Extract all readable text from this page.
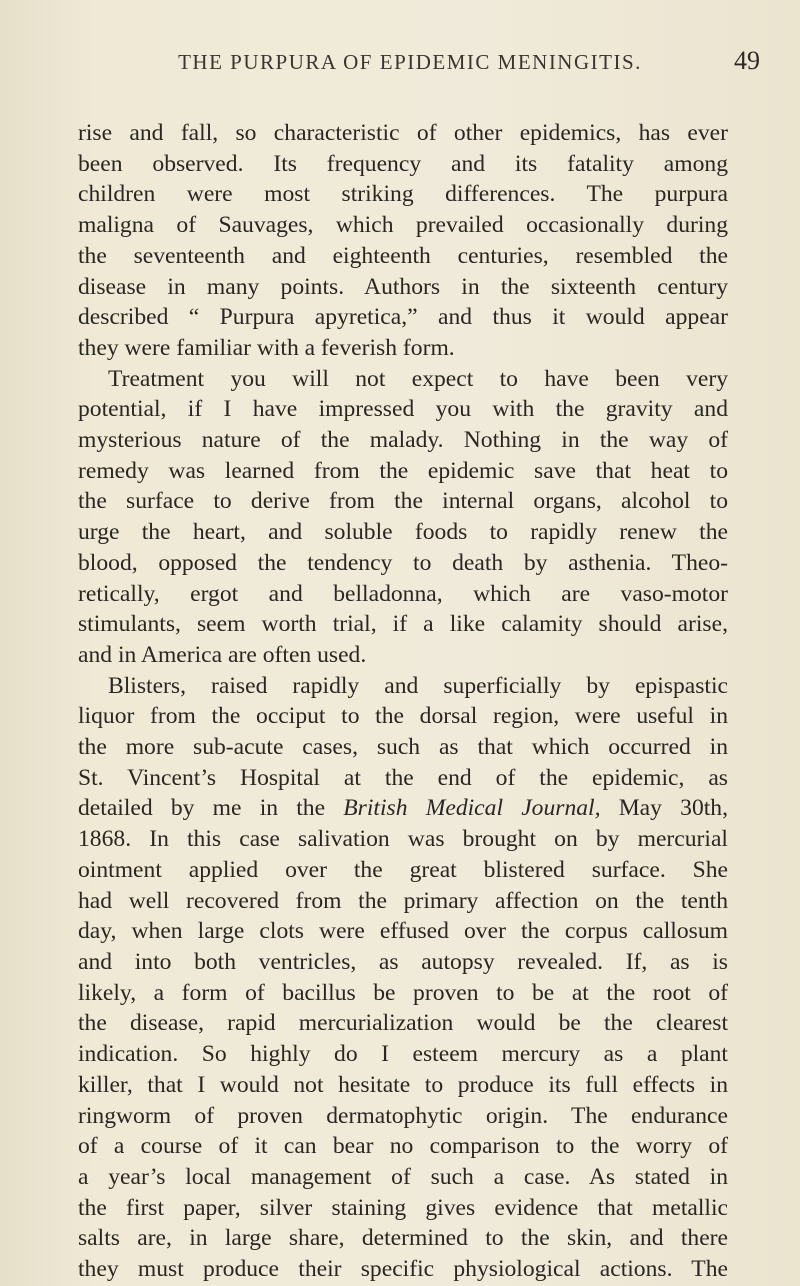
THE PURPURA OF EPIDEMIC MENINGITIS.	49

rise and fall, so characteristic of other epidemics, has ever
been observed. Its frequency and its fatality among
children were most striking differences. The purpura
maligna of Sauvages, which prevailed occasionally during
the seventeenth and eighteenth centuries, resembled the
disease in many points. Authors in the sixteenth century
described “ Purpura apyretica,” and thus it would appear
they were familiar with a feverish form.

Treatment you will not expect to have been very
potential, if I have impressed you with the gravity and
mysterious nature of the malady. Nothing in the way of
remedy was learned from the epidemic save that heat to
the surface to derive from the internal organs, alcohol to
urge the heart, and soluble foods to rapidly renew the
blood, opposed the tendency to death by asthenia. Theo-
retically, ergot and belladonna, which are vaso-motor
stimulants, seem worth trial, if a like calamity should arise,
and in America are often used.

Blisters, raised rapidly and superficially by epispastic
liquor from the occiput to the dorsal region, were useful in
the more sub-acute cases, such as that which occurred in
St. Vincent’s Hospital at the end of the epidemic, as
detailed by me in the British Medical Journal, May 30th,
1868. In this case salivation was brought on by mercurial
ointment applied over the great blistered surface. She
had well recovered from the primary affection on the tenth
day, when large clots were effused over the corpus callosum
and into both ventricles, as autopsy revealed. If, as is
likely, a form of bacillus be proven to be at the root of
the disease, rapid mercurialization would be the clearest
indication. So highly do I esteem mercury as a plant
killer, that I would not hesitate to produce its full effects in
ringworm of proven dermatophytic origin. The endurance
of a course of it can bear no comparison to the worry of
a year’s local management of such a case. As stated in
the first paper, silver staining gives evidence that metallic
salts are, in large share, determined to the skin, and there
they must produce their specific physiological actions. The
